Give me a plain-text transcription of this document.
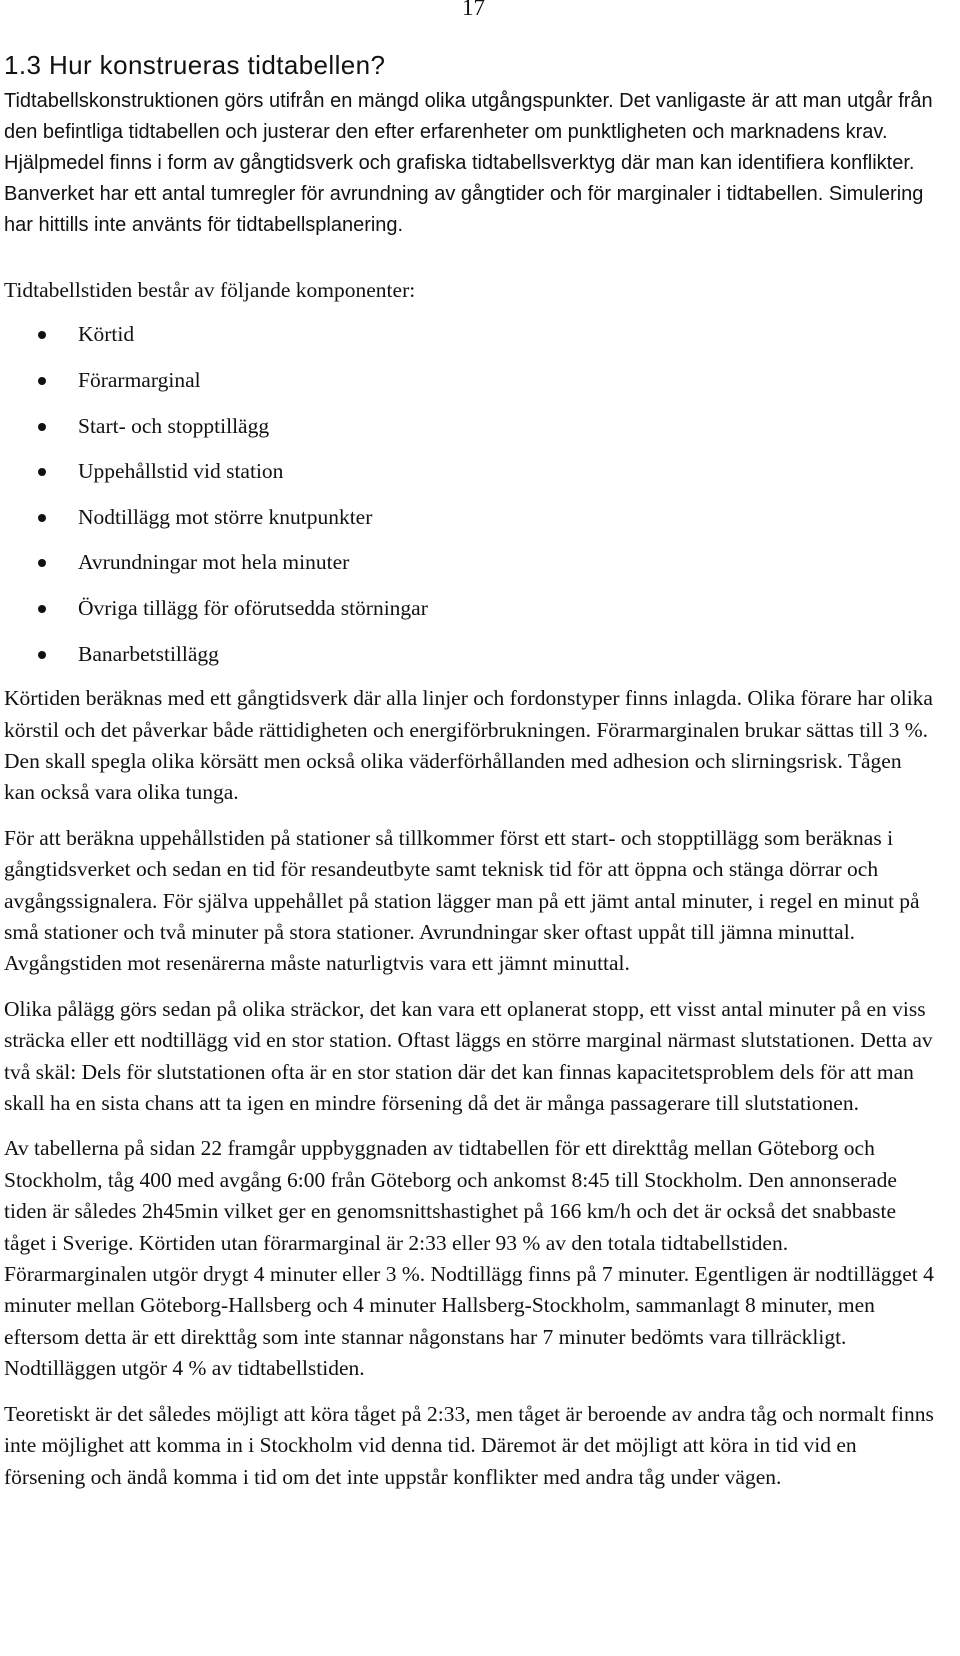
17
1.3 Hur konstrueras tidtabellen?

Tidtabellskonstruktionen görs utifrån en mängd olika utgångspunkter. Det vanligaste är att man utgår från den befintliga tidtabellen och justerar den efter erfarenheter om punktligheten och marknadens krav. Hjälpmedel finns i form av gångtidsverk och grafiska tidtabellsverktyg där man kan identifiera konflikter. Banverket har ett antal tumregler för avrundning av gångtider och för marginaler i tidtabellen. Simulering har hittills inte använts för tidtabellsplanering.

Tidtabellstiden består av följande komponenter:

Körtid
Förarmarginal
Start- och stopptillägg
Uppehållstid vid station
Nodtillägg mot större knutpunkter
Avrundningar mot hela minuter
Övriga tillägg för oförutsedda störningar
Banarbetstillägg

Körtiden beräknas med ett gångtidsverk där alla linjer och fordonstyper finns inlagda. Olika förare har olika körstil och det påverkar både rättidigheten och energiförbrukningen. Förarmarginalen brukar sättas till 3 %. Den skall spegla olika körsätt men också olika väderförhållanden med adhesion och slirningsrisk. Tågen kan också vara olika tunga.

För att beräkna uppehållstiden på stationer så tillkommer först ett start- och stopptillägg som beräknas i gångtidsverket och sedan en tid för resandeutbyte samt teknisk tid för att öppna och stänga dörrar och avgångssignalera. För själva uppehållet på station lägger man på ett jämt antal minuter, i regel en minut på små stationer och två minuter på stora stationer. Avrundningar sker oftast uppåt till jämna minuttal. Avgångstiden mot resenärerna måste naturligtvis vara ett jämnt minuttal.

Olika pålägg görs sedan på olika sträckor, det kan vara ett oplanerat stopp, ett visst antal minuter på en viss sträcka eller ett nodtillägg vid en stor station. Oftast läggs en större marginal närmast slutstationen. Detta av två skäl: Dels för slutstationen ofta är en stor station där det kan finnas kapacitetsproblem dels för att man skall ha en sista chans att ta igen en mindre försening då det är många passagerare till slutstationen.

Av tabellerna på sidan 22 framgår uppbyggnaden av tidtabellen för ett direkttåg mellan Göteborg och Stockholm, tåg 400 med avgång 6:00 från Göteborg och ankomst 8:45 till Stockholm. Den annonserade tiden är således 2h45min vilket ger en genomsnittshastighet på 166 km/h och det är också det snabbaste tåget i Sverige. Körtiden utan förarmarginal är 2:33 eller 93 % av den totala tidtabellstiden. Förarmarginalen utgör drygt 4 minuter eller 3 %. Nodtillägg finns på 7 minuter. Egentligen är nodtillägget 4 minuter mellan Göteborg-Hallsberg och 4 minuter Hallsberg-Stockholm, sammanlagt 8 minuter, men eftersom detta är ett direkttåg som inte stannar någonstans har 7 minuter bedömts vara tillräckligt. Nodtilläggen utgör 4 % av tidtabellstiden.

Teoretiskt är det således möjligt att köra tåget på 2:33, men tåget är beroende av andra tåg och normalt finns inte möjlighet att komma in i Stockholm vid denna tid. Däremot är det möjligt att köra in tid vid en försening och ändå komma i tid om det inte uppstår konflikter med andra tåg under vägen.
